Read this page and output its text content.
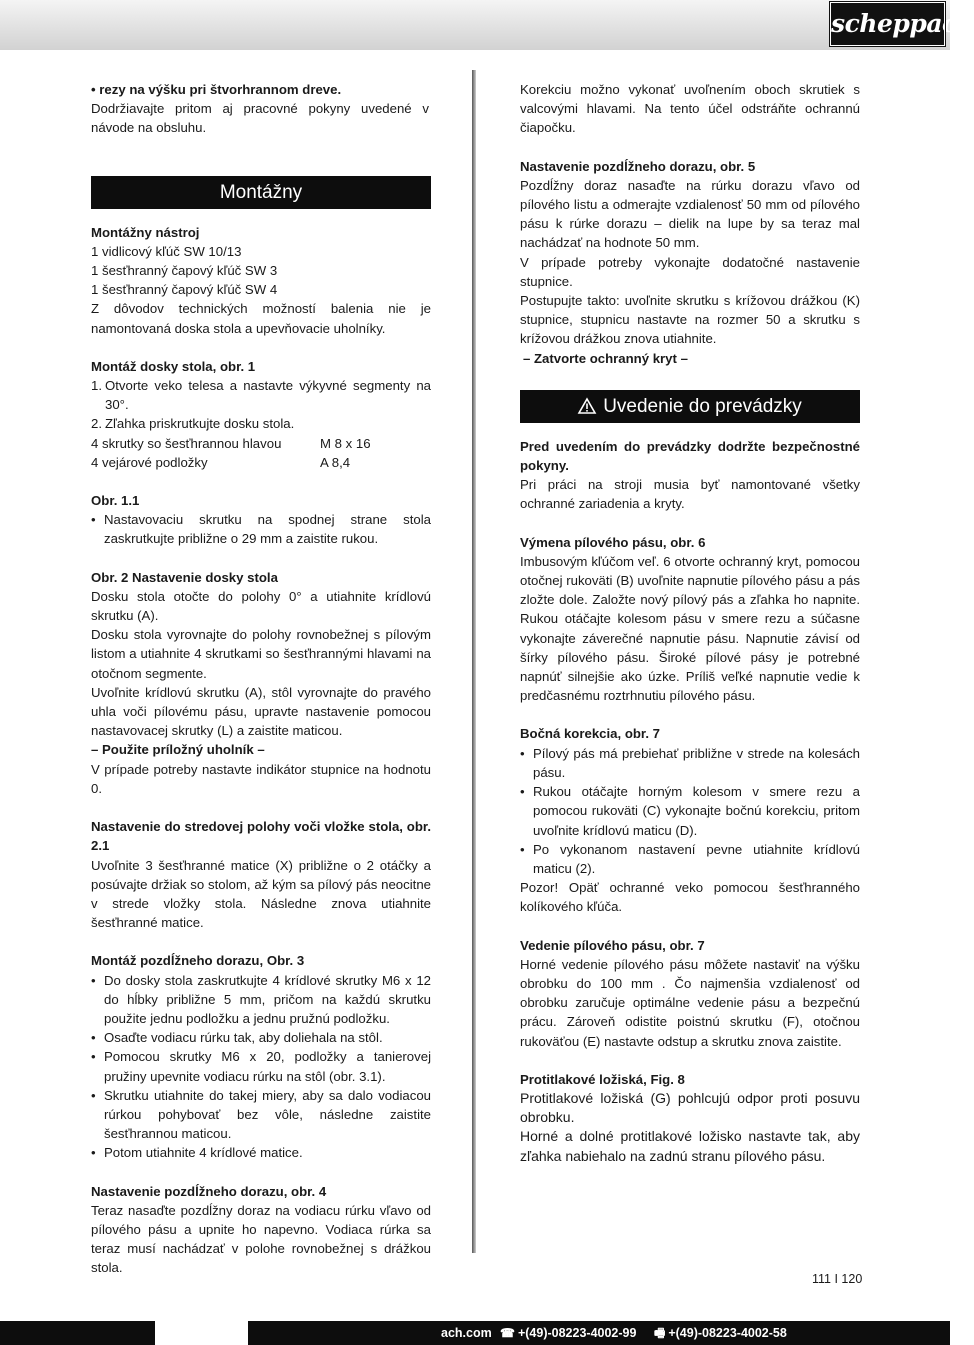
scheppach
• rezy na výšku pri štvorhrannom dreve.
Dodržiavajte pritom aj pracovné pokyny uvedené v návode na obsluhu.
Montážny
Montážny nástroj
1 vidlicový kľúč SW 10/13
1 šesťhranný čapový kľúč SW 3
1 šesťhranný čapový kľúč SW 4
Z dôvodov technických možností balenia nie je namontovaná doska stola a upevňovacie uholníky.
Montáž dosky stola, obr. 1
1. Otvorte veko telesa a nastavte výkyvné segmenty na 30°.
2. Zľahka priskrutkujte dosku stola.
4 skrutky so šesťhrannou hlavou	M 8 x 16
4 vejárové podložky	A 8,4
Obr. 1.1
• Nastavovaciu skrutku na spodnej strane stola zaskrutkujte približne o 29 mm a zaistite rukou.
Obr. 2 Nastavenie dosky stola
Dosku stola otočte do polohy 0° a utiahnite krídlovú skrutku (A).
Dosku stola vyrovnajte do polohy rovnobežnej s pílovým listom a utiahnite 4 skrutkami so šesťhrannými hlavami na otočnom segmente.
Uvoľnite krídlovú skrutku (A), stôl vyrovnajte do pravého uhla voči pílovému pásu, upravte nastavenie pomocou nastavovacej skrutky (L) a zaistite maticou.
– Použite príložný uholník –
V prípade potreby nastavte indikátor stupnice na hodnotu 0.
Nastavenie do stredovej polohy voči vložke stola, obr. 2.1
Uvoľnite 3 šesťhranné matice (X) približne o 2 otáčky a posúvajte držiak so stolom, až kým sa pílový pás neocitne v strede vložky stola. Následne znova utiahnite šesťhranné matice.
Montáž pozdĺžneho dorazu, Obr. 3
• Do dosky stola zaskrutkujte 4 krídlové skrutky M6 x 12 do hĺbky približne 5 mm, pričom na každú skrutku použite jednu podložku a jednu pružnú podložku.
• Osaďte vodiacu rúrku tak, aby doliehala na stôl.
• Pomocou skrutky M6 x 20, podložky a tanierovej pružiny upevnite vodiacu rúrku na stôl (obr. 3.1).
• Skrutku utiahnite do takej miery, aby sa dalo vodiacou rúrkou pohybovať bez vôle, následne zaistite šesťhrannou maticou.
• Potom utiahnite 4 krídlové matice.
Nastavenie pozdĺžneho dorazu, obr. 4
Teraz nasaďte pozdĺžny doraz na vodiacu rúrku vľavo od pílového pásu a upnite ho napevno. Vodiaca rúrka sa teraz musí nachádzať v polohe rovnobežnej s drážkou stola.
Korekciu možno vykonať uvoľnením oboch skrutiek s valcovými hlavami. Na tento účel odstráňte ochrannú čiapočku.
Nastavenie pozdĺžneho dorazu, obr. 5
Pozdĺžny doraz nasaďte na rúrku dorazu vľavo od pílového listu a odmerajte vzdialenosť 50 mm od pílového pásu k rúrke dorazu – dielik na lupe by sa teraz mal nachádzať na hodnote 50 mm.
V prípade potreby vykonajte dodatočné nastavenie stupnice.
Postupujte takto: uvoľnite skrutku s krížovou drážkou (K) stupnice, stupnicu nastavte na rozmer 50 a skrutku s krížovou drážkou znova utiahnite.
– Zatvorte ochranný kryt –
Uvedenie do prevádzky
Pred uvedením do prevádzky dodržte bezpečnostné pokyny.
Pri práci na stroji musia byť namontované všetky ochranné zariadenia a kryty.
Výmena pílového pásu, obr. 6
Imbusovým kľúčom veľ. 6 otvorte ochranný kryt, pomocou otočnej rukoväti (B) uvoľnite napnutie pílového pásu a pás zložte dole. Založte nový pílový pás a zľahka ho napnite. Rukou otáčajte kolesom pásu v smere rezu a súčasne vykonajte záverečné napnutie pásu. Napnutie závisí od šírky pílového pásu. Široké pílové pásy je potrebné napnúť silnejšie ako úzke. Príliš veľké napnutie vedie k predčasnému roztrhnutiu pílového pásu.
Bočná korekcia, obr. 7
• Pílový pás má prebiehať približne v strede na kolesách pásu.
• Rukou otáčajte horným kolesom v smere rezu a pomocou rukoväti (C) vykonajte bočnú korekciu, pritom uvoľnite krídlovú maticu (D).
• Po vykonanom nastavení pevne utiahnite krídlovú maticu (2).
Pozor! Opäť ochranné veko pomocou šesťhranného kolíkového kľúča.
Vedenie pílového pásu, obr. 7
Horné vedenie pílového pásu môžete nastaviť na výšku obrobku do 100 mm . Čo najmenšia vzdialenosť od obrobku zaručuje optimálne vedenie pásu a bezpečnú prácu. Zároveň odistite poistnú skrutku (F), otočnou rukoväťou (E) nastavte odstup a skrutku znova zaistite.
Protitlakové ložiská, Fig. 8
Protitlakové ložiská (G) pohlcujú odpor proti posuvu obrobku.
Horné a dolné protitlakové ložisko nastavte tak, aby zľahka nabiehalo na zadnú stranu pílového pásu.
111 I 120
ach.com ☎ +(49)-08223-4002-99 🖷 +(49)-08223-4002-58
